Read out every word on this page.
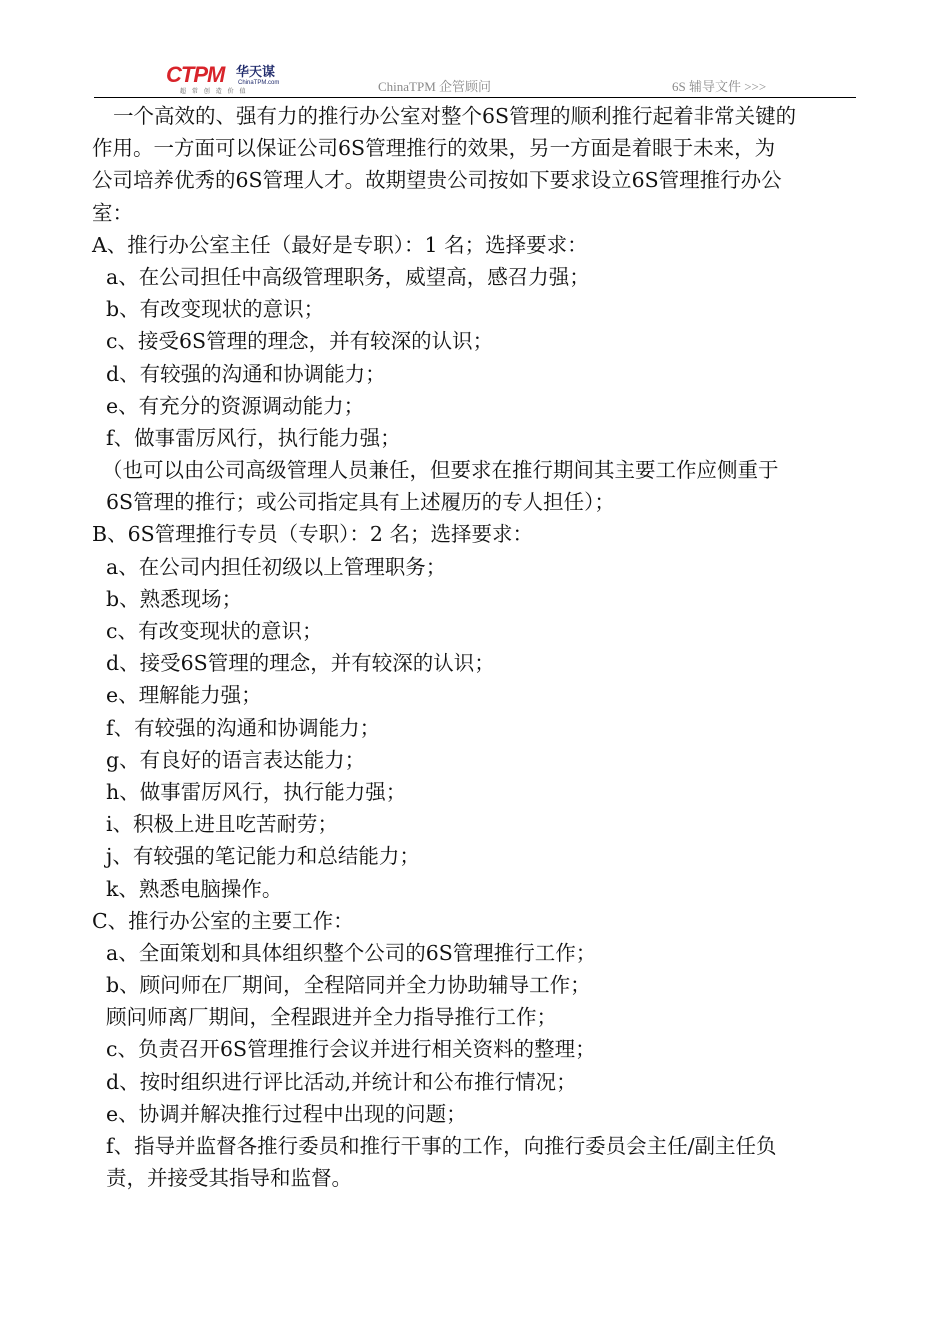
CTPM 华天谋
ChinaTPM.com
超 常 创 造 价 值	ChinaTPM 企管顾问	6S 辅导文件 >>>
一个高效的、强有力的推行办公室对整个6S管理的顺利推行起着非常关键的
作用。一方面可以保证公司6S管理推行的效果，另一方面是着眼于未来，为
公司培养优秀的6S管理人才。故期望贵公司按如下要求设立6S管理推行办公
室：
A、推行办公室主任（最好是专职）：1 名；选择要求：
a、在公司担任中高级管理职务，威望高，感召力强；
b、有改变现状的意识；
c、接受6S管理的理念，并有较深的认识；
d、有较强的沟通和协调能力；
e、有充分的资源调动能力；
f、做事雷厉风行，执行能力强；
（也可以由公司高级管理人员兼任，但要求在推行期间其主要工作应侧重于
6S管理的推行；或公司指定具有上述履历的专人担任）；
B、6S管理推行专员（专职）：2 名；选择要求：
a、在公司内担任初级以上管理职务；
b、熟悉现场；
c、有改变现状的意识；
d、接受6S管理的理念，并有较深的认识；
e、理解能力强；
f、有较强的沟通和协调能力；
g、有良好的语言表达能力；
h、做事雷厉风行，执行能力强；
i、积极上进且吃苦耐劳；
j、有较强的笔记能力和总结能力；
k、熟悉电脑操作。
C、推行办公室的主要工作：
a、全面策划和具体组织整个公司的6S管理推行工作；
b、顾问师在厂期间，全程陪同并全力协助辅导工作；
顾问师离厂期间，全程跟进并全力指导推行工作；
c、负责召开6S管理推行会议并进行相关资料的整理；
d、按时组织进行评比活动,并统计和公布推行情况；
e、协调并解决推行过程中出现的问题；
f、指导并监督各推行委员和推行干事的工作，向推行委员会主任/副主任负
责，并接受其指导和监督。
